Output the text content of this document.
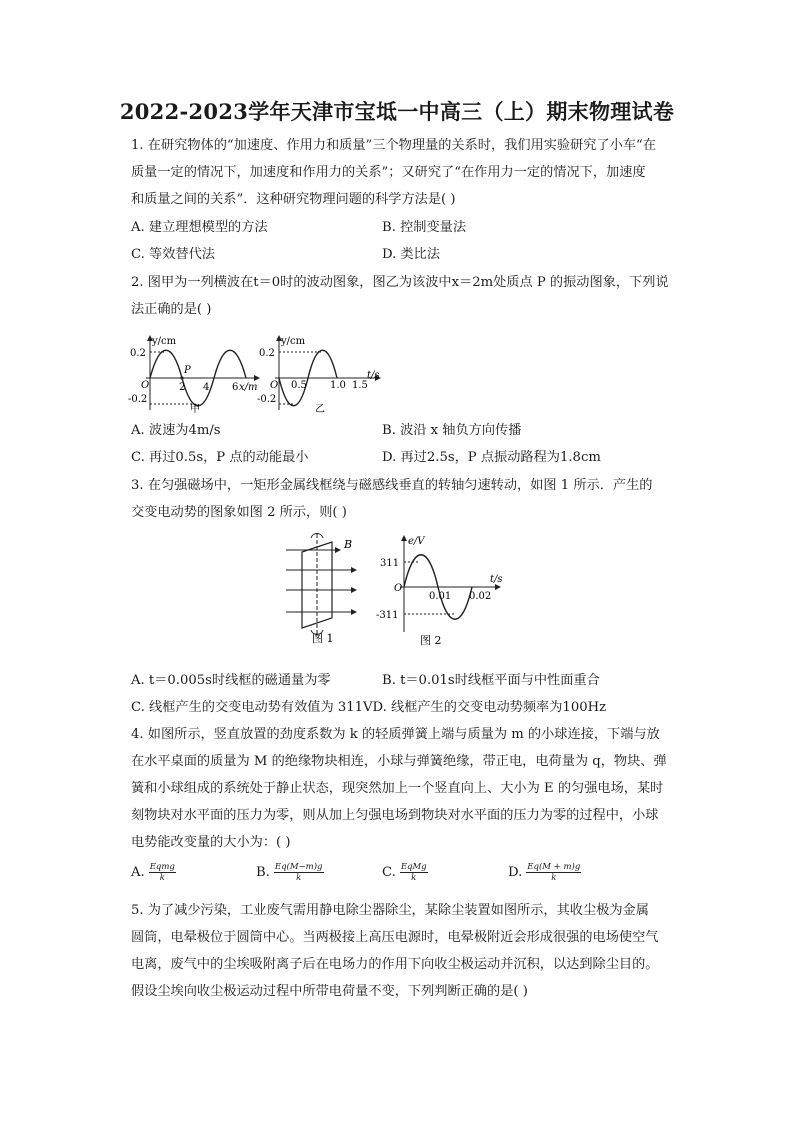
2022-2023学年天津市宝坻一中高三（上）期末物理试卷
1. 在研究物体的“加速度、作用力和质量”三个物理量的关系时，我们用实验研究了小车“在
质量一定的情况下，加速度和作用力的关系”；又研究了“在作用力一定的情况下，加速度
和质量之间的关系”．这种研究物理问题的科学方法是( )
A. 建立理想模型的方法	B. 控制变量法
C. 等效替代法	D. 类比法
2. 图甲为一列横波在t＝0时的波动图象，图乙为该波中x＝2m处质点 P 的振动图象，下列说
法正确的是( )
y/cm
0.2
-0.2
O	2 4 6 x/m
P
甲
y/cm
0.2
-0.2
O 0.5 1.0 1.5
t/s
乙
A. 波速为4m/s	B. 波沿 x 轴负方向传播
C. 再过0.5s，P 点的动能最小	D. 再过2.5s，P 点振动路程为1.8cm
3. 在匀强磁场中，一矩形金属线框绕与磁感线垂直的转轴匀速转动，如图 1 所示．产生的
交变电动势的图象如图 2 所示，则( )
B
图 1
e/V
311
-311
O
0.01 0.02
t/s
图 2
A. t＝0.005s时线框的磁通量为零	B. t＝0.01s时线框平面与中性面重合
C. 线框产生的交变电动势有效值为 311VD. 线框产生的交变电动势频率为100Hz
4. 如图所示，竖直放置的劲度系数为 k 的轻质弹簧上端与质量为 m 的小球连接，下端与放
在水平桌面的质量为 M 的绝缘物块相连，小球与弹簧绝缘，带正电，电荷量为 q，物块、弹
簧和小球组成的系统处于静止状态，现突然加上一个竖直向上、大小为 E 的匀强电场，某时
刻物块对水平面的压力为零，则从加上匀强电场到物块对水平面的压力为零的过程中，小球
电势能改变量的大小为：( )
A. $\frac{\text{Eqmg}}{k}$	B. $\frac{Eq(M-m)g}{k}$	C. $\frac{\text{EqMg}}{k}$	D. $\frac{Eq(M + m)g}{k}$
5. 为了减少污染，工业废气需用静电除尘器除尘，某除尘装置如图所示，其收尘极为金属
圆筒，电晕极位于圆筒中心。当两极接上高压电源时，电晕极附近会形成很强的电场使空气
电离，废气中的尘埃吸附离子后在电场力的作用下向收尘极运动并沉积，以达到除尘目的。
假设尘埃向收尘极运动过程中所带电荷量不变，下列判断正确的是( )
